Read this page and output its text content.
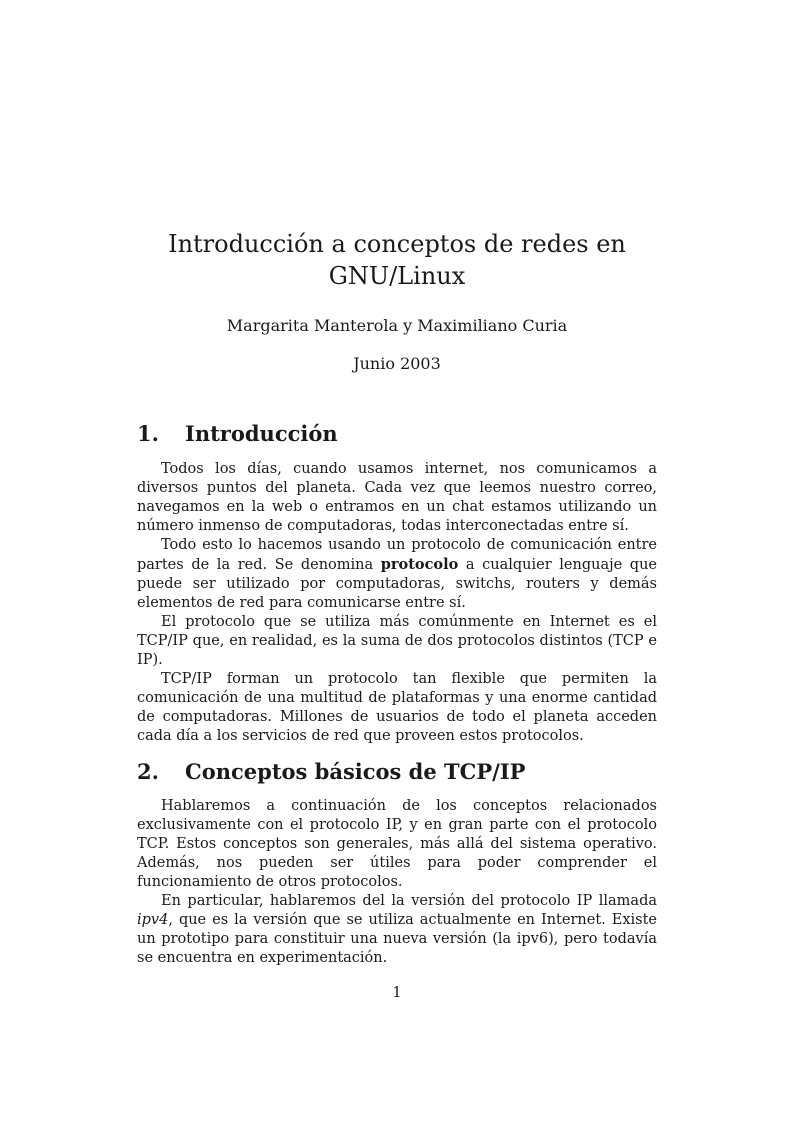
Introducción a conceptos de redes en
GNU/Linux

Margarita Manterola y Maximiliano Curia

Junio 2003

1. Introducción

Todos los días, cuando usamos internet, nos comunicamos a diversos puntos del planeta. Cada vez que leemos nuestro correo, navegamos en la web o entramos en un chat estamos utilizando un número inmenso de computadoras, todas interconectadas entre sí.

Todo esto lo hacemos usando un protocolo de comunicación entre partes de la red. Se denomina protocolo a cualquier lenguaje que puede ser utilizado por computadoras, switchs, routers y demás elementos de red para comunicarse entre sí.

El protocolo que se utiliza más comúnmente en Internet es el TCP/IP que, en realidad, es la suma de dos protocolos distintos (TCP e IP).

TCP/IP forman un protocolo tan flexible que permiten la comunicación de una multitud de plataformas y una enorme cantidad de computadoras. Millones de usuarios de todo el planeta acceden cada día a los servicios de red que proveen estos protocolos.

2. Conceptos básicos de TCP/IP

Hablaremos a continuación de los conceptos relacionados exclusivamente con el protocolo IP, y en gran parte con el protocolo TCP. Estos conceptos son generales, más allá del sistema operativo. Además, nos pueden ser útiles para poder comprender el funcionamiento de otros protocolos.

En particular, hablaremos del la versión del protocolo IP llamada ipv4, que es la versión que se utiliza actualmente en Internet. Existe un prototipo para constituir una nueva versión (la ipv6), pero todavía se encuentra en experimentación.

1
